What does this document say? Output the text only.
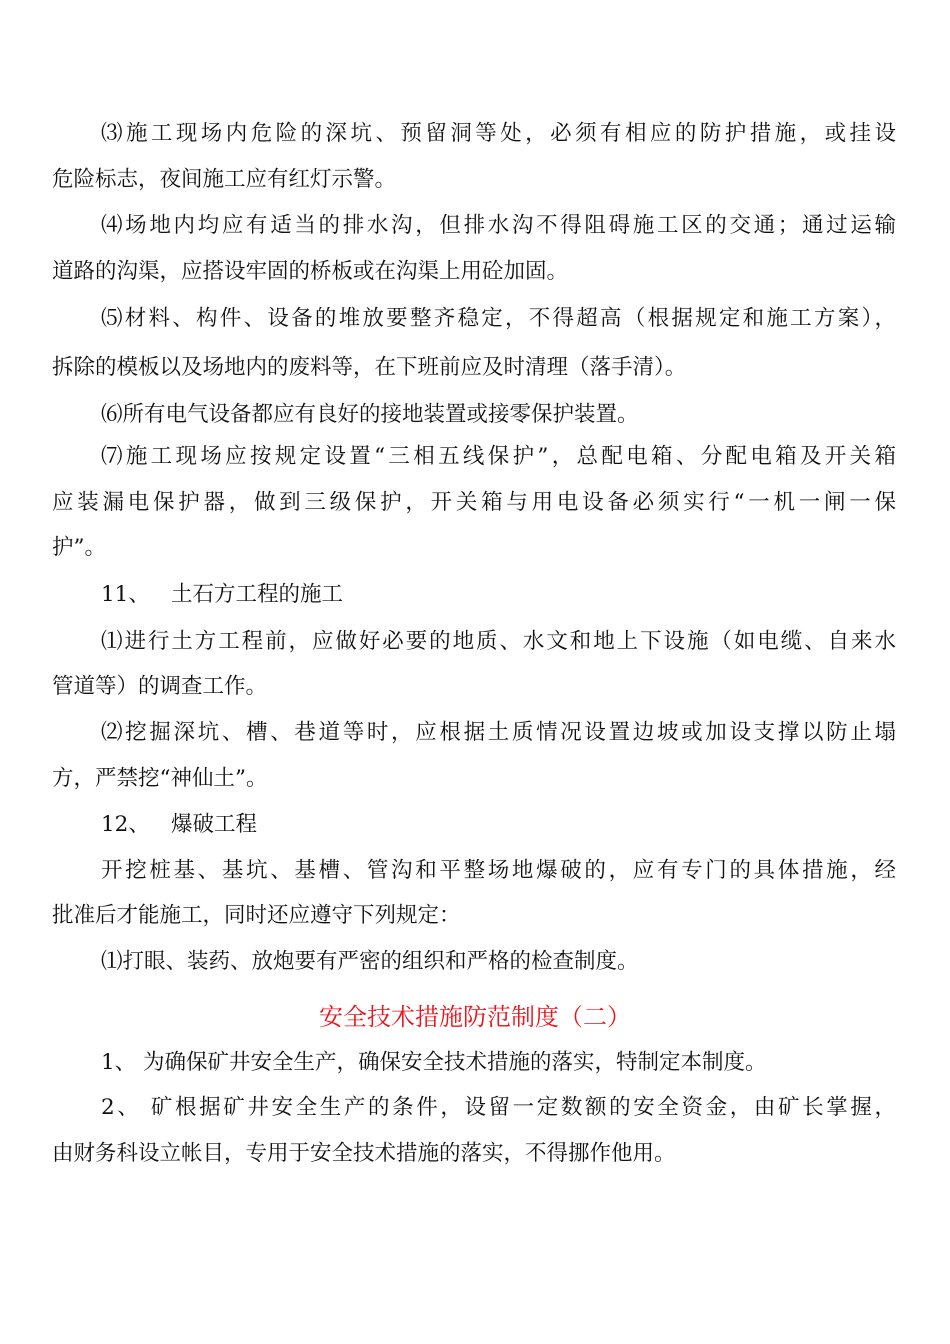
⑶施工现场内危险的深坑、预留洞等处，必须有相应的防护措施，或挂设
危险标志，夜间施工应有红灯示警。
⑷场地内均应有适当的排水沟，但排水沟不得阻碍施工区的交通；通过运输
道路的沟渠，应搭设牢固的桥板或在沟渠上用砼加固。
⑸材料、构件、设备的堆放要整齐稳定，不得超高（根据规定和施工方案），
拆除的模板以及场地内的废料等，在下班前应及时清理（落手清）。
⑹所有电气设备都应有良好的接地装置或接零保护装置。
⑺施工现场应按规定设置“三相五线保护”，总配电箱、分配电箱及开关箱
应装漏电保护器，做到三级保护，开关箱与用电设备必须实行“一机一闸一保
护”。
11、 土石方工程的施工
⑴进行土方工程前，应做好必要的地质、水文和地上下设施（如电缆、自来水
管道等）的调查工作。
⑵挖掘深坑、槽、巷道等时，应根据土质情况设置边坡或加设支撑以防止塌
方，严禁挖“神仙土”。
12、 爆破工程
开挖桩基、基坑、基槽、管沟和平整场地爆破的，应有专门的具体措施，经
批准后才能施工，同时还应遵守下列规定：
⑴打眼、装药、放炮要有严密的组织和严格的检查制度。
安全技术措施防范制度（二）
1、 为确保矿井安全生产，确保安全技术措施的落实，特制定本制度。
2、 矿根据矿井安全生产的条件，设留一定数额的安全资金，由矿长掌握，
由财务科设立帐目，专用于安全技术措施的落实，不得挪作他用。
